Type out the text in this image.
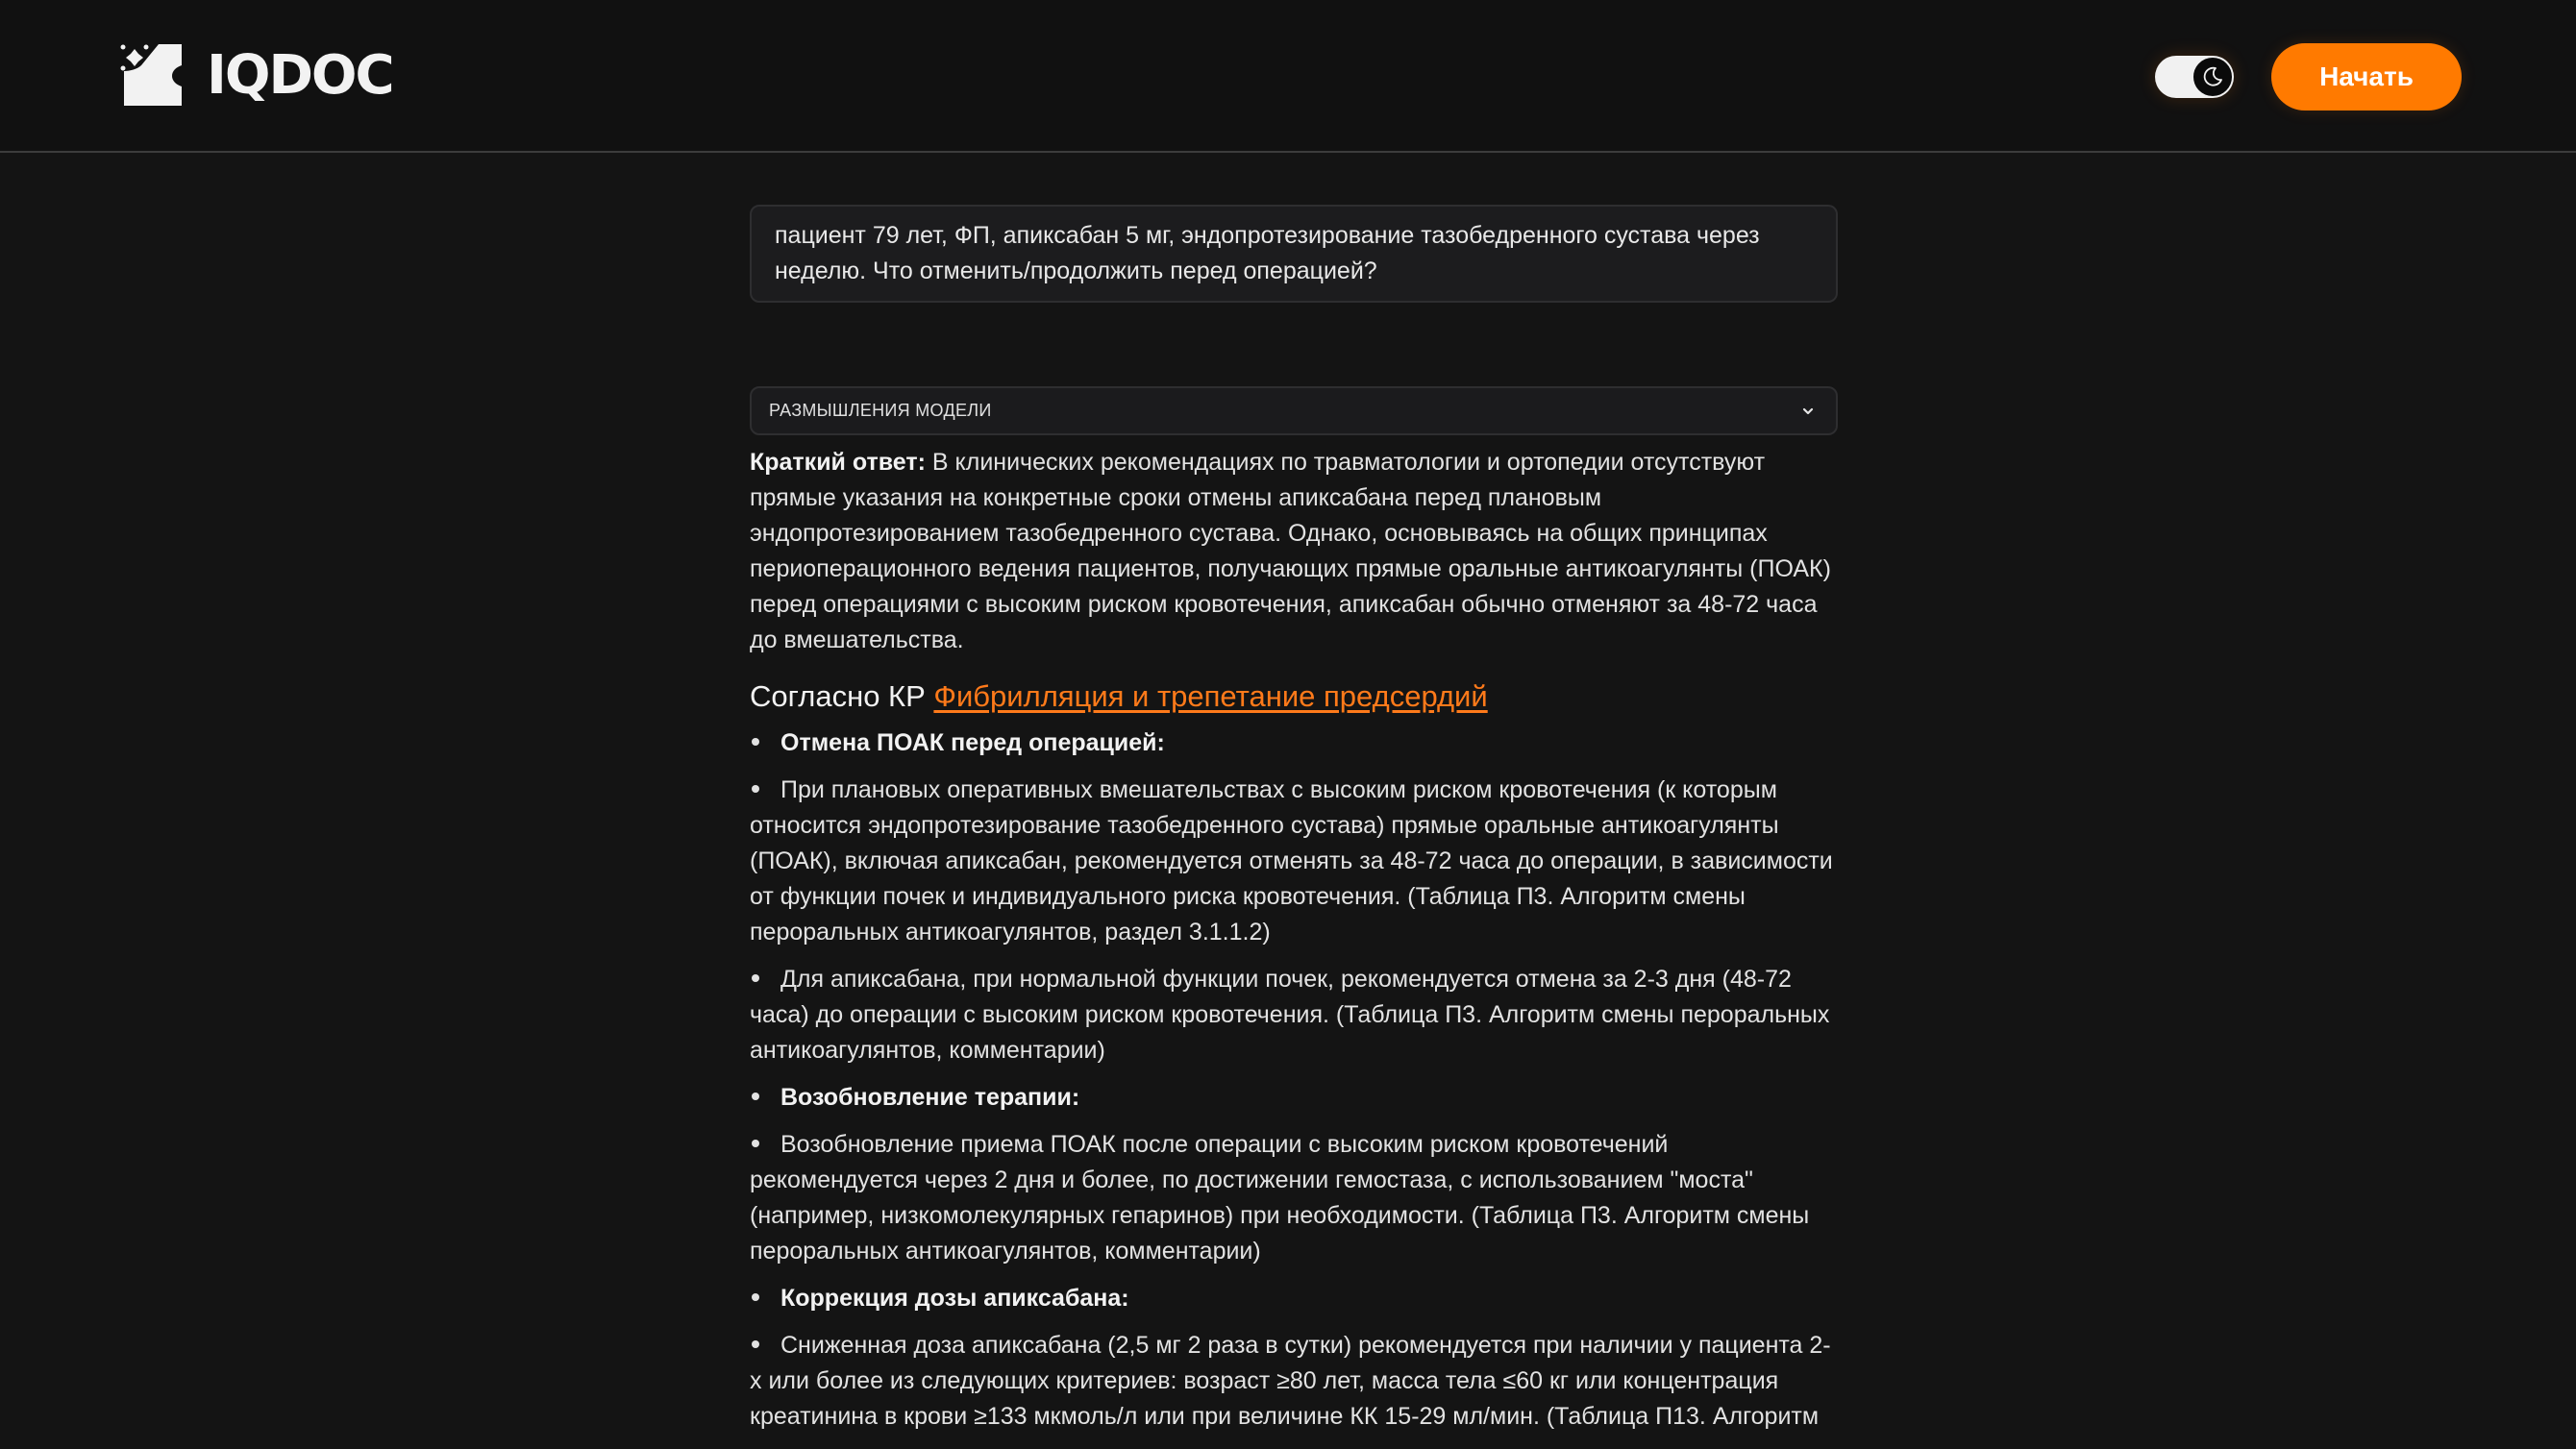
IQDOC	Начать
пациент 79 лет, ФП, апиксабан 5 мг, эндопротезирование тазобедренного сустава через неделю. Что отменить/продолжить перед операцией?
РАЗМЫШЛЕНИЯ МОДЕЛИ
Краткий ответ: В клинических рекомендациях по травматологии и ортопедии отсутствуют прямые указания на конкретные сроки отмены апиксабана перед плановым эндопротезированием тазобедренного сустава. Однако, основываясь на общих принципах периоперационного ведения пациентов, получающих прямые оральные антикоагулянты (ПОАК) перед операциями с высоким риском кровотечения, апиксабан обычно отменяют за 48-72 часа до вмешательства.
Согласно КР Фибрилляция и трепетание предсердий
Отмена ПОАК перед операцией:
При плановых оперативных вмешательствах с высоким риском кровотечения (к которым относится эндопротезирование тазобедренного сустава) прямые оральные антикоагулянты (ПОАК), включая апиксабан, рекомендуется отменять за 48-72 часа до операции, в зависимости от функции почек и индивидуального риска кровотечения. (Таблица П3. Алгоритм смены пероральных антикоагулянтов, раздел 3.1.1.2)
Для апиксабана, при нормальной функции почек, рекомендуется отмена за 2-3 дня (48-72 часа) до операции с высоким риском кровотечения. (Таблица П3. Алгоритм смены пероральных антикоагулянтов, комментарии)
Возобновление терапии:
Возобновление приема ПОАК после операции с высоким риском кровотечений рекомендуется через 2 дня и более, по достижении гемостаза, с использованием "моста" (например, низкомолекулярных гепаринов) при необходимости. (Таблица П3. Алгоритм смены пероральных антикоагулянтов, комментарии)
Коррекция дозы апиксабана:
Сниженная доза апиксабана (2,5 мг 2 раза в сутки) рекомендуется при наличии у пациента 2-х или более из следующих критериев: возраст ≥80 лет, масса тела ≤60 кг или концентрация креатинина в крови ≥133 мкмоль/л или при величине КК 15-29 мл/мин. (Таблица П13. Алгоритм
